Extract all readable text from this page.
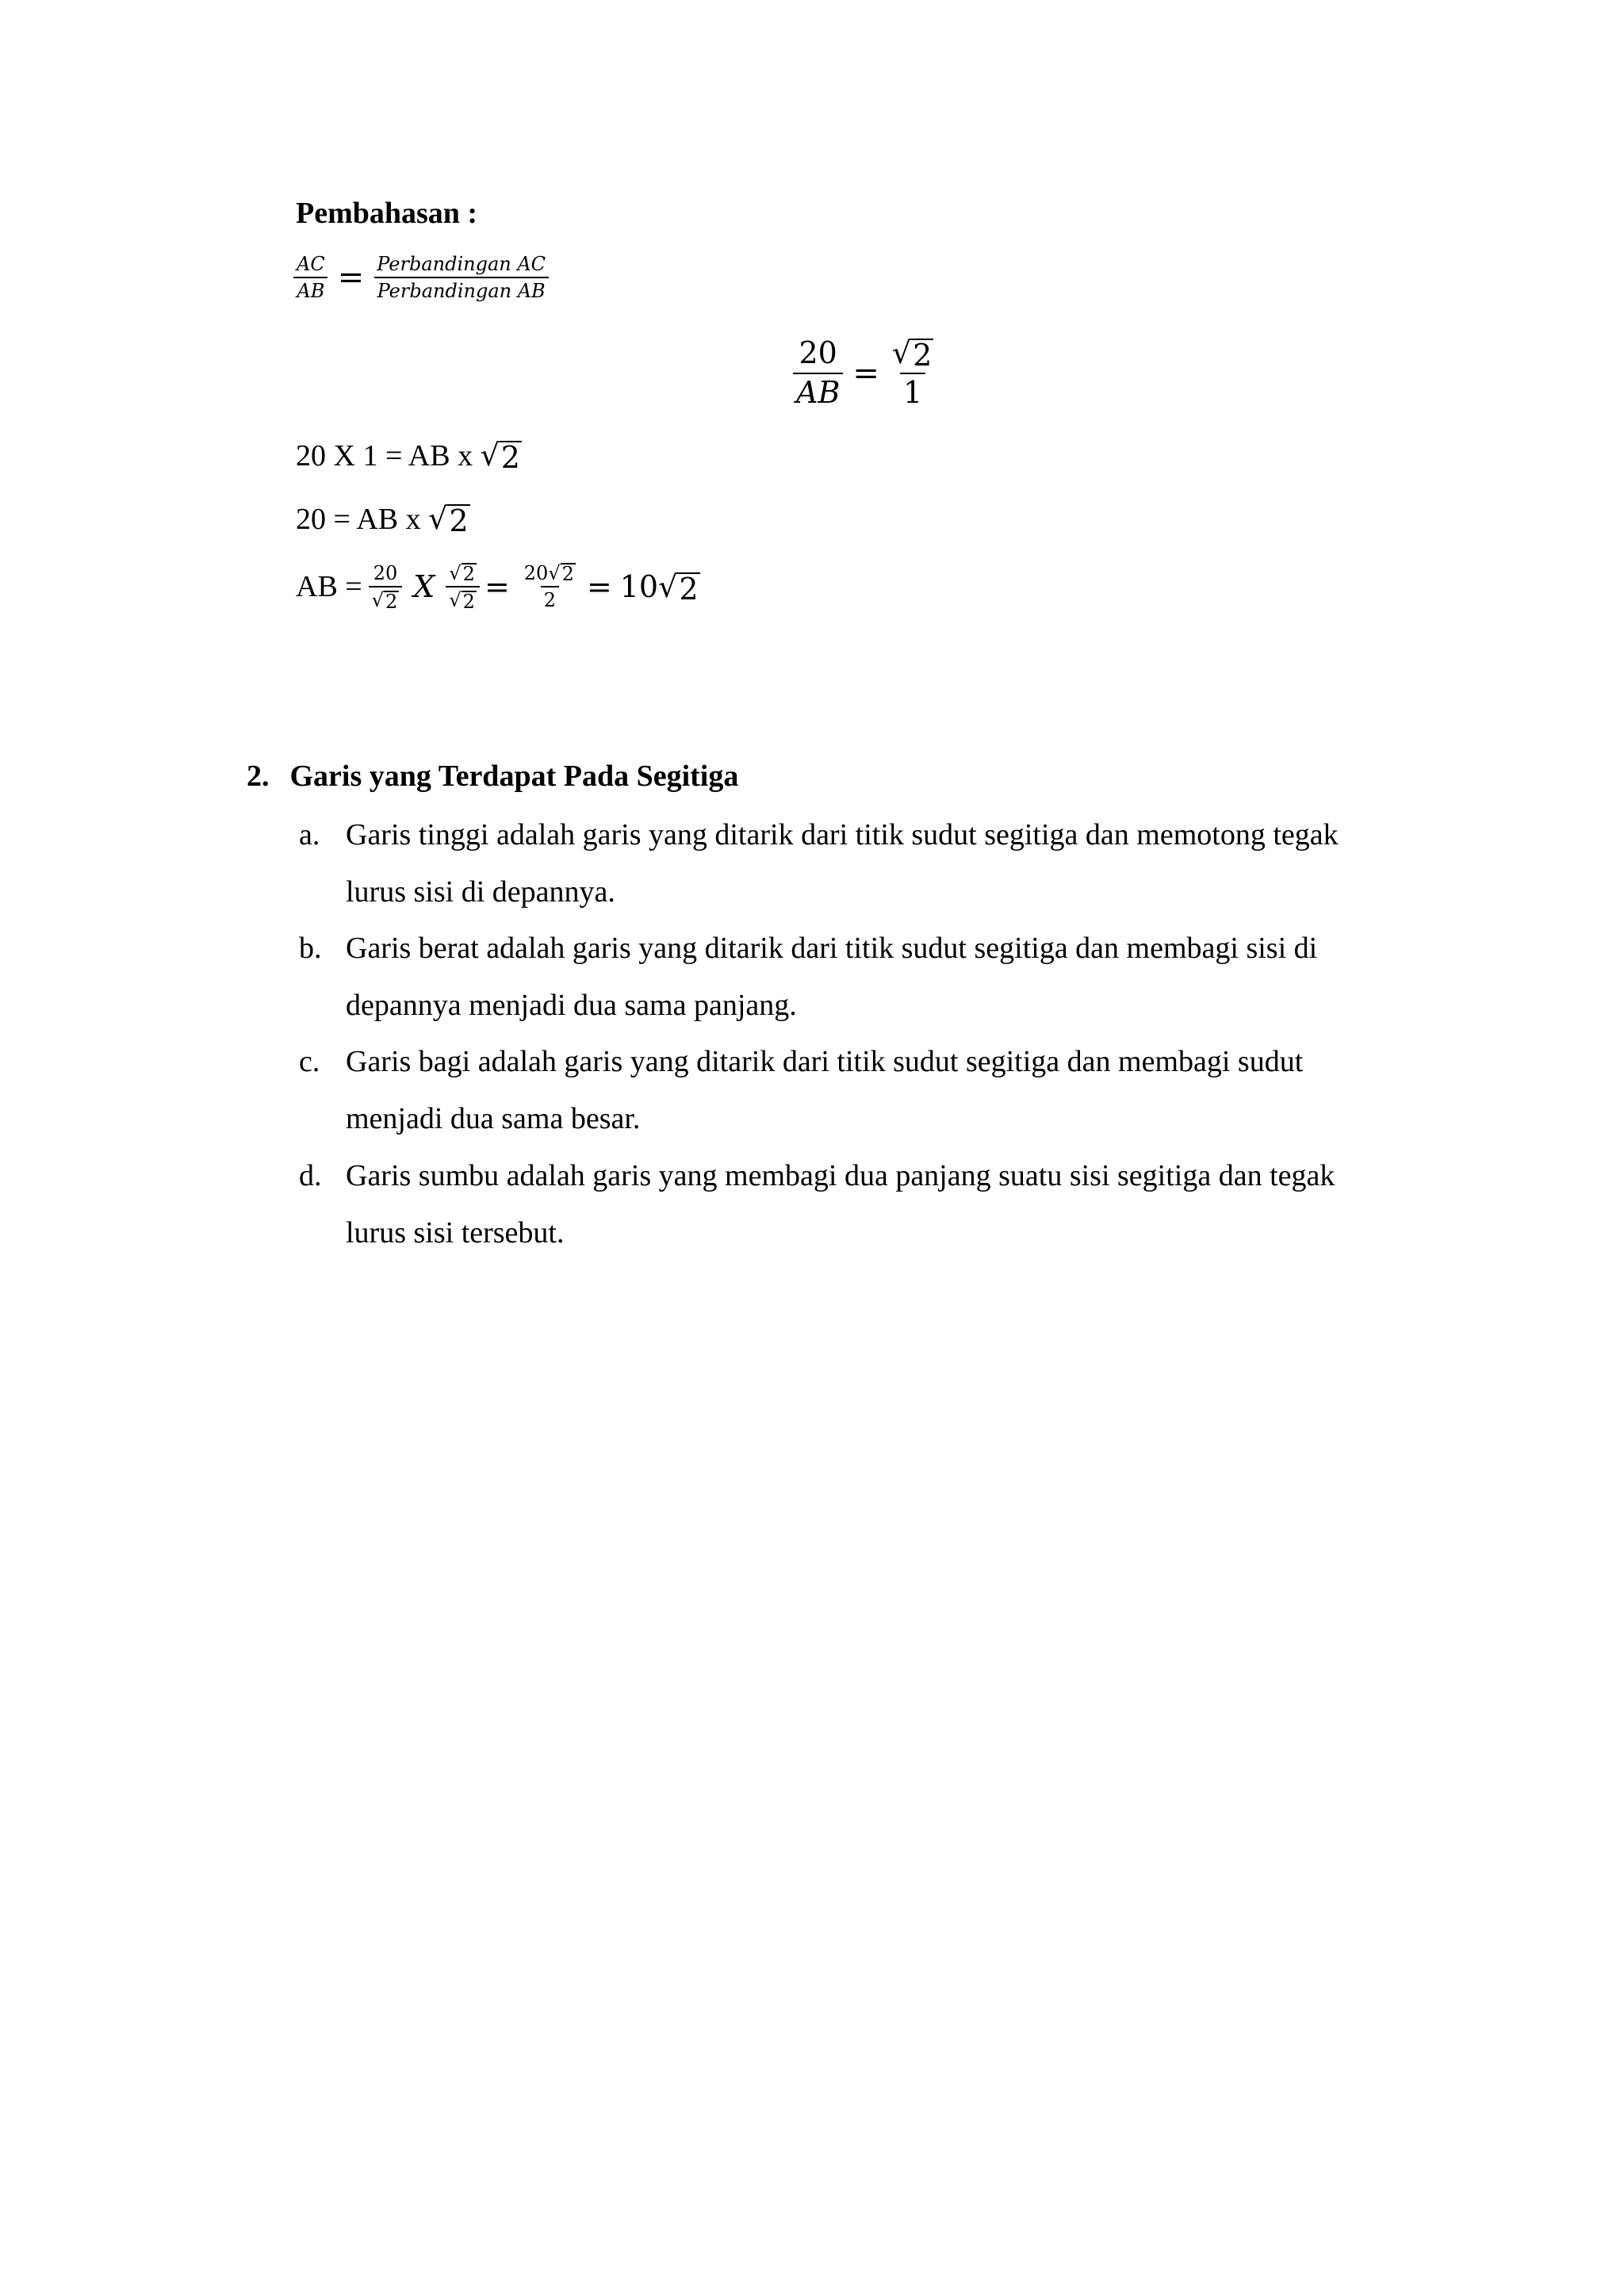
Pembahasan :
$\frac{AC}{AB} = \frac{\text{Perbandingan AC}}{\text{Perbandingan AB}}$
$\frac{20}{AB} = \frac{√ 2}{1}$
20 X 1 = AB x √ 2
20 = AB x √ 2
AB = $\frac{20}{√ 2}$ X $\frac{√ 2}{√ 2} = \frac{20 √ 2}{2} = 10$ √ 2
2. Garis yang Terdapat Pada Segitiga
a. Garis tinggi adalah garis yang ditarik dari titik sudut segitiga dan memotong tegak
lurus sisi di depannya.
b. Garis berat adalah garis yang ditarik dari titik sudut segitiga dan membagi sisi di
depannya menjadi dua sama panjang.
c. Garis bagi adalah garis yang ditarik dari titik sudut segitiga dan membagi sudut
menjadi dua sama besar.
d. Garis sumbu adalah garis yang membagi dua panjang suatu sisi segitiga dan tegak
lurus sisi tersebut.
